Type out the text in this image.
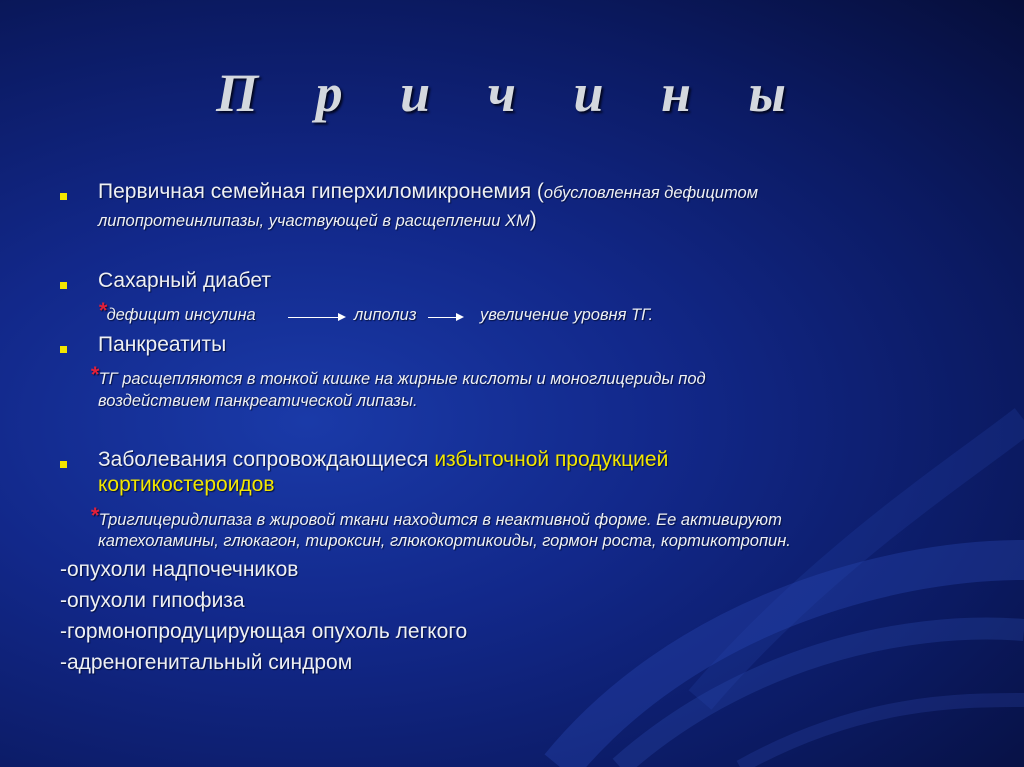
П р и ч и н ы
Первичная семейная гиперхиломикронемия (обусловленная дефицитом
липопротеинлипазы, участвующей в расщеплении ХМ)
Сахарный диабет
*дефицит инсулина	липолиз	увеличение уровня ТГ.
Панкреатиты
*ТГ расщепляются в тонкой кишке на жирные кислоты и моноглицериды под
воздействием панкреатической липазы.
Заболевания сопровождающиеся избыточной продукцией
кортикостероидов
*Триглицеридлипаза в жировой ткани находится в неактивной форме. Ее активируют
катехоламины, глюкагон, тироксин, глюкокортикоиды, гормон роста, кортикотропин.
-опухоли надпочечников
-опухоли гипофиза
-гормонопродуцирующая опухоль легкого
-адреногенитальный синдром
